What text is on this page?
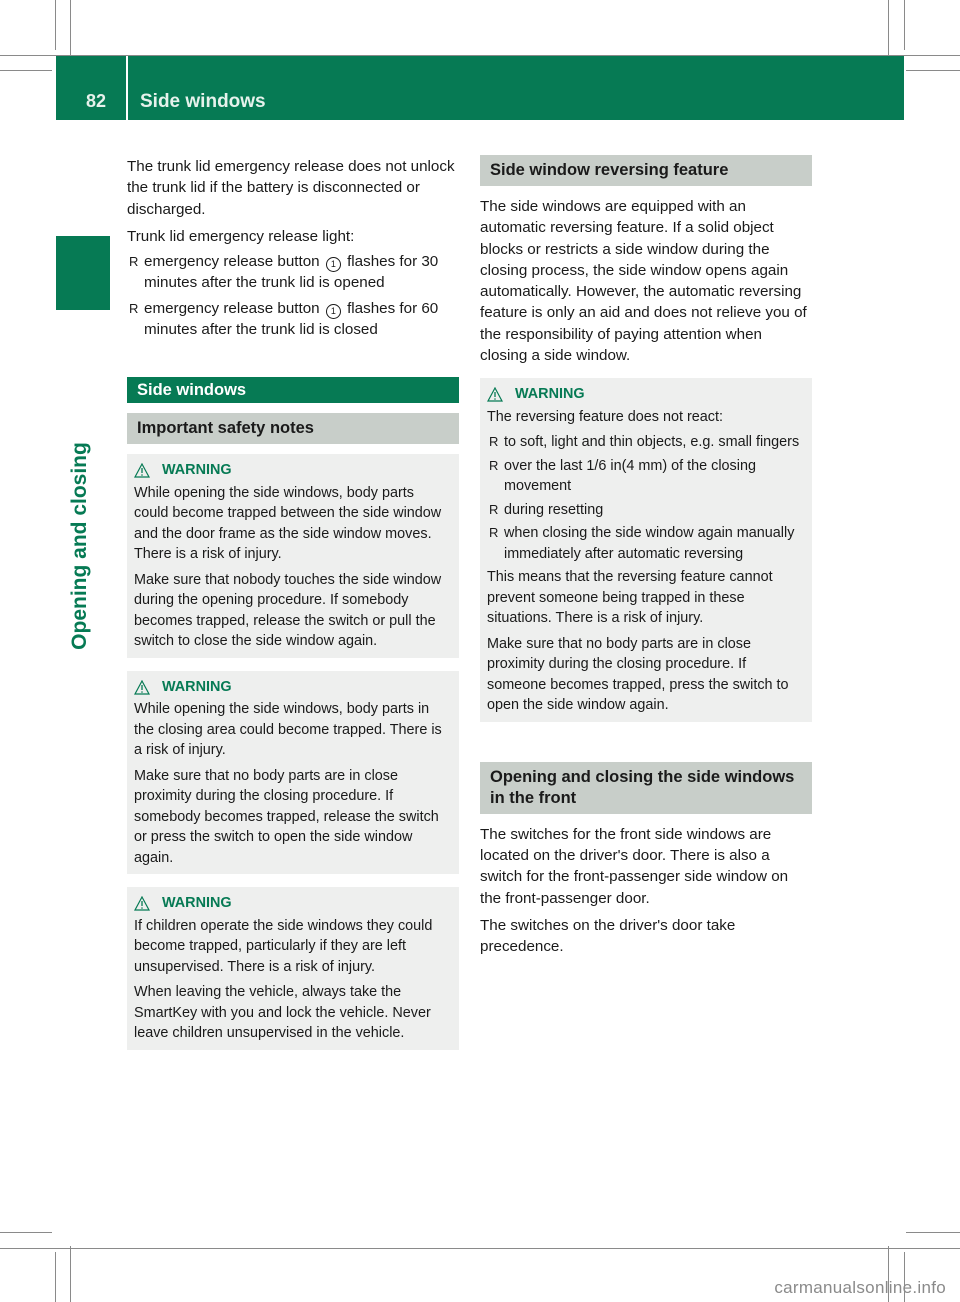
82 Side windows
Opening and closing

The trunk lid emergency release does not unlock the trunk lid if the battery is disconnected or discharged.

Trunk lid emergency release light:

R emergency release button 1 flashes for 30 minutes after the trunk lid is opened
R emergency release button 1 flashes for 60 minutes after the trunk lid is closed
Side windows
Important safety notes
WARNING

While opening the side windows, body parts could become trapped between the side window and the door frame as the side window moves. There is a risk of injury.

Make sure that nobody touches the side window during the opening procedure. If somebody becomes trapped, release the switch or pull the switch to close the side window again.

WARNING

While opening the side windows, body parts in the closing area could become trapped. There is a risk of injury.

Make sure that no body parts are in close proximity during the closing procedure. If somebody becomes trapped, release the switch or press the switch to open the side window again.

WARNING

If children operate the side windows they could become trapped, particularly if they are left unsupervised. There is a risk of injury.

When leaving the vehicle, always take the SmartKey with you and lock the vehicle. Never leave children unsupervised in the vehicle.

Side window reversing feature

The side windows are equipped with an automatic reversing feature. If a solid object blocks or restricts a side window during the closing process, the side window opens again automatically. However, the automatic reversing feature is only an aid and does not relieve you of the responsibility of paying attention when closing a side window.

WARNING

The reversing feature does not react:

R to soft, light and thin objects, e.g. small fingers
R over the last 1/6 in(4 mm) of the closing movement
R during resetting
R when closing the side window again manually immediately after automatic reversing

This means that the reversing feature cannot prevent someone being trapped in these situations. There is a risk of injury.

Make sure that no body parts are in close proximity during the closing procedure. If someone becomes trapped, press the switch to open the side window again.

Opening and closing the side windows in the front

The switches for the front side windows are located on the driver's door. There is also a switch for the front-passenger side window on the front-passenger door.

The switches on the driver's door take precedence.

carmanualsonline.info
